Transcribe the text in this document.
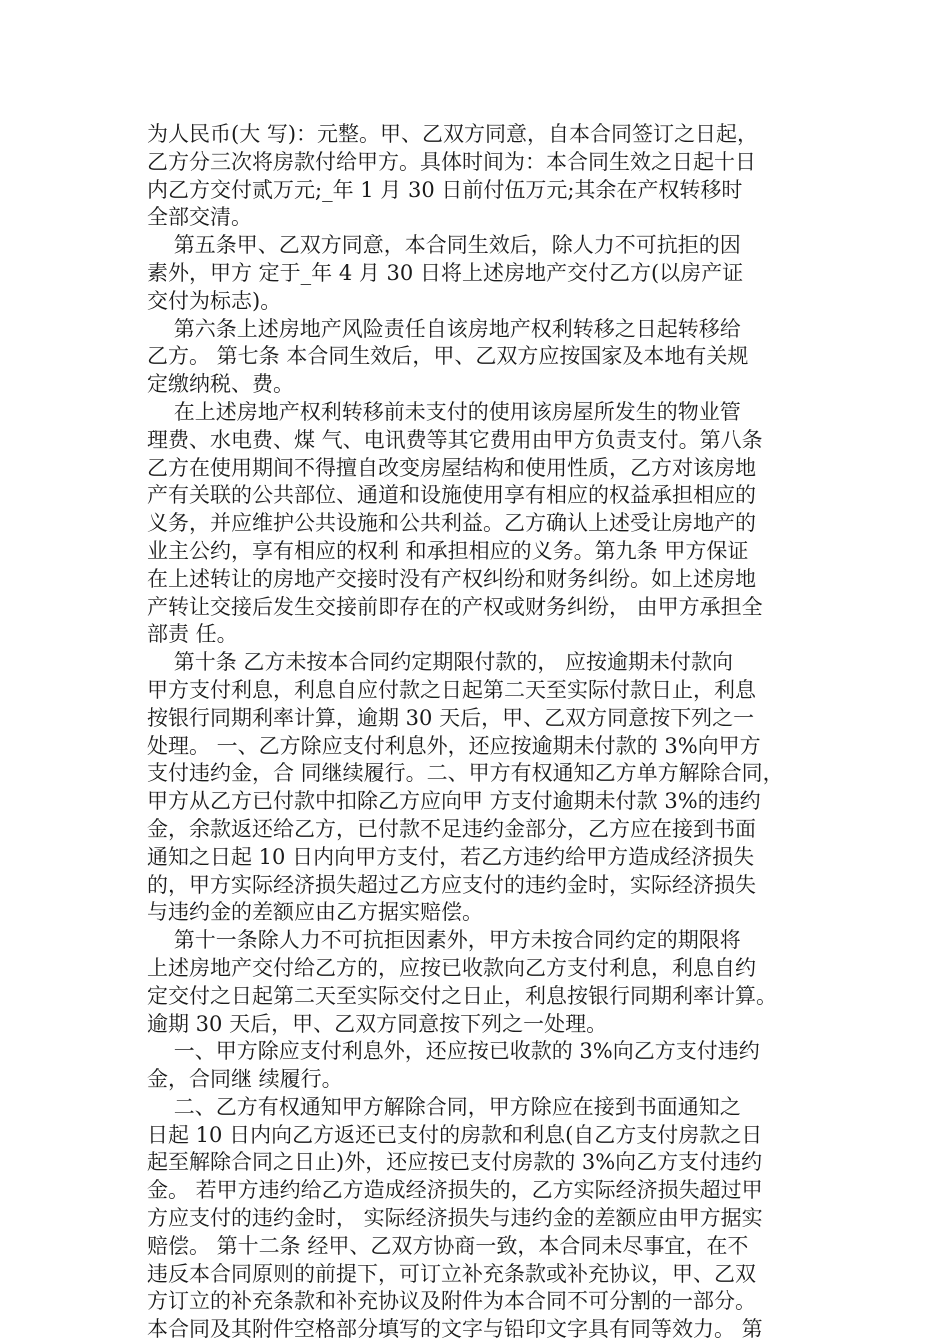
为人民币(大 写)：元整。甲、乙双方同意，自本合同签订之日起，
乙方分三次将房款付给甲方。具体时间为：本合同生效之日起十日
内乙方交付贰万元;_年 1 月 30 日前付伍万元;其余在产权转移时
全部交清。
第五条甲、乙双方同意，本合同生效后，除人力不可抗拒的因
素外，甲方 定于_年 4 月 30 日将上述房地产交付乙方(以房产证
交付为标志)。
第六条上述房地产风险责任自该房地产权利转移之日起转移给
乙方。 第七条 本合同生效后，甲、乙双方应按国家及本地有关规
定缴纳税、费。
在上述房地产权利转移前未支付的使用该房屋所发生的物业管
理费、水电费、煤 气、电讯费等其它费用由甲方负责支付。第八条
乙方在使用期间不得擅自改变房屋结构和使用性质，乙方对该房地
产有关联的公共部位、通道和设施使用享有相应的权益承担相应的
义务，并应维护公共设施和公共利益。乙方确认上述受让房地产的
业主公约，享有相应的权利 和承担相应的义务。第九条 甲方保证
在上述转让的房地产交接时没有产权纠纷和财务纠纷。如上述房地
产转让交接后发生交接前即存在的产权或财务纠纷， 由甲方承担全
部责 任。
第十条 乙方未按本合同约定期限付款的， 应按逾期未付款向
甲方支付利息，利息自应付款之日起第二天至实际付款日止，利息
按银行同期利率计算，逾期 30 天后，甲、乙双方同意按下列之一
处理。 一、乙方除应支付利息外，还应按逾期未付款的 3%向甲方
支付违约金，合 同继续履行。二、甲方有权通知乙方单方解除合同，
甲方从乙方已付款中扣除乙方应向甲 方支付逾期未付款 3%的违约
金，余款返还给乙方，已付款不足违约金部分，乙方应在接到书面
通知之日起 10 日内向甲方支付，若乙方违约给甲方造成经济损失
的，甲方实际经济损失超过乙方应支付的违约金时，实际经济损失
与违约金的差额应由乙方据实赔偿。
第十一条除人力不可抗拒因素外，甲方未按合同约定的期限将
上述房地产交付给乙方的，应按已收款向乙方支付利息，利息自约
定交付之日起第二天至实际交付之日止，利息按银行同期利率计算。
逾期 30 天后，甲、乙双方同意按下列之一处理。
一、甲方除应支付利息外，还应按已收款的 3%向乙方支付违约
金，合同继 续履行。
二、乙方有权通知甲方解除合同，甲方除应在接到书面通知之
日起 10 日内向乙方返还已支付的房款和利息(自乙方支付房款之日
起至解除合同之日止)外，还应按已支付房款的 3%向乙方支付违约
金。 若甲方违约给乙方造成经济损失的，乙方实际经济损失超过甲
方应支付的违约金时， 实际经济损失与违约金的差额应由甲方据实
赔偿。 第十二条 经甲、乙双方协商一致，本合同未尽事宜，在不
违反本合同原则的前提下，可订立补充条款或补充协议，甲、乙双
方订立的补充条款和补充协议及附件为本合同不可分割的一部分。
本合同及其附件空格部分填写的文字与铅印文字具有同等效力。 第
